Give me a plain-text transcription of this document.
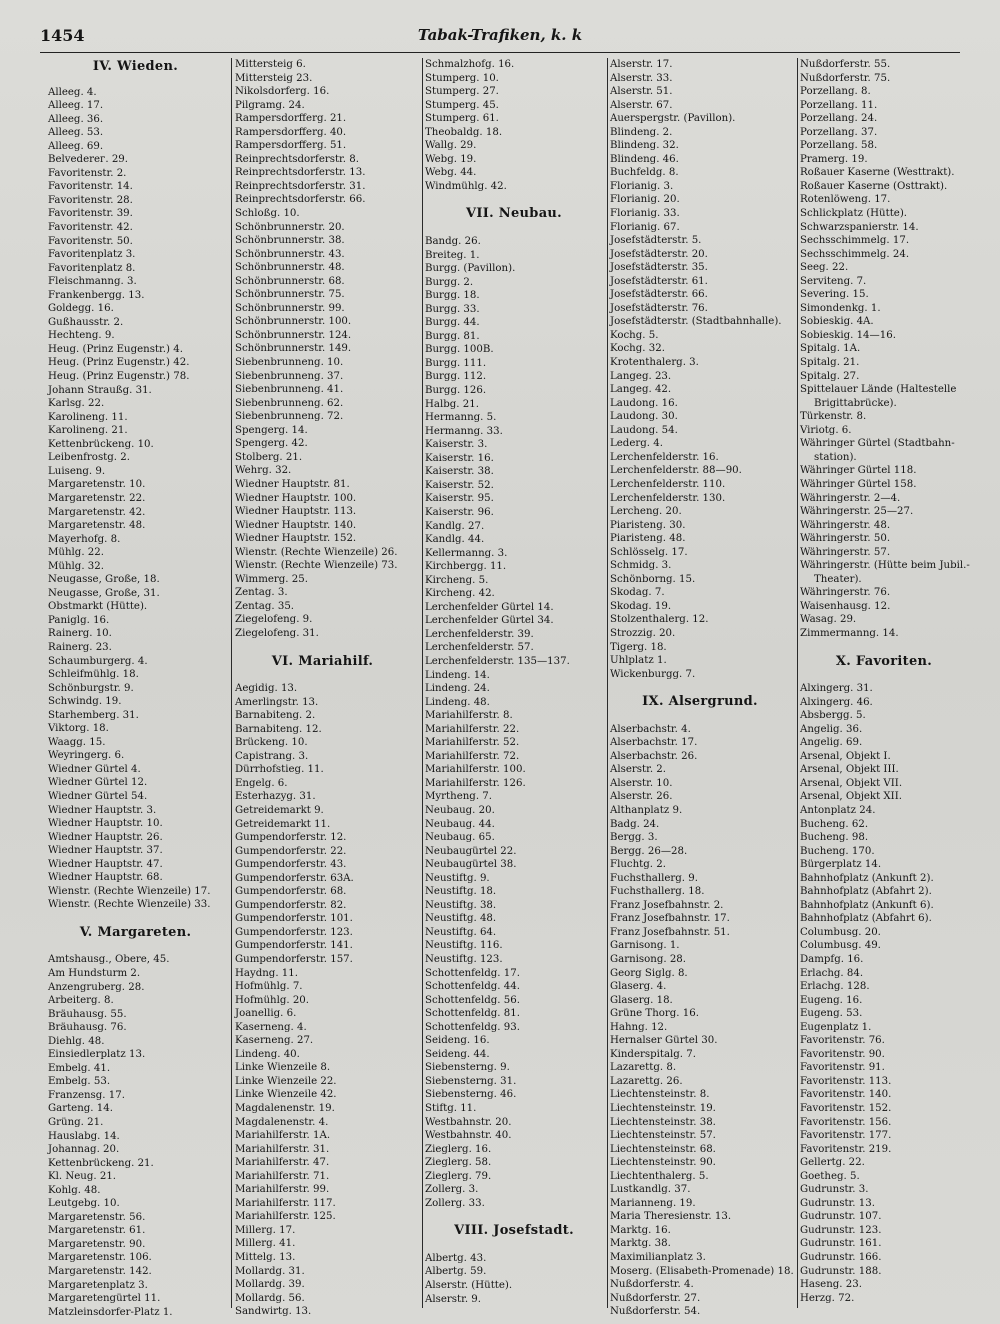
1454	Tabak-Trafiken, k. k
IV. Wieden.
Alleeg. 4.
Alleeg. 17.
Alleeg. 36.
Alleeg. 53.
Alleeg. 69.
Belvederег. 29.
Favoritenstr. 2.
Favoritenstr. 14.
Favoritenstr. 28.
Favoritenstr. 39.
Favoritenstr. 42.
Favoritenstr. 50.
Favoritenplatz 3.
Favoritenplatz 8.
Fleischmanng. 3.
Frankenbergg. 13.
Goldegg. 16.
Gußhausstr. 2.
Hechteng. 9.
Heug. (Prinz Eugenstr.) 4.
Heug. (Prinz Eugenstr.) 42.
Heug. (Prinz Eugenstr.) 78.
Johann Straußg. 31.
Karlsg. 22.
Karolineng. 11.
Karolineng. 21.
Kettenbrückeng. 10.
Leibenfrostg. 2.
Luiseng. 9.
Margaretenstr. 10.
Margaretenstr. 22.
Margaretenstr. 42.
Margaretenstr. 48.
Mayerhofg. 8.
Mühlg. 22.
Mühlg. 32.
Neugasse, Große, 18.
Neugasse, Große, 31.
Obstmarkt (Hütte).
Paniglg. 16.
Rainerg. 10.
Rainerg. 23.
Schaumburgerg. 4.
Schleifmühlg. 18.
Schönburgstr. 9.
Schwindg. 19.
Starhemberg. 31.
Viktorg. 18.
Waagg. 15.
Weyringerg. 6.
Wiedner Gürtel 4.
Wiedner Gürtel 12.
Wiedner Gürtel 54.
Wiedner Hauptstr. 3.
Wiedner Hauptstr. 10.
Wiedner Hauptstr. 26.
Wiedner Hauptstr. 37.
Wiedner Hauptstr. 47.
Wiedner Hauptstr. 68.
Wienstr. (Rechte Wienzeile) 17.
Wienstr. (Rechte Wienzeile) 33.
V. Margareten.
Amtshausg., Obere, 45.
Am Hundsturm 2.
Anzengruberg. 28.
Arbeiterg. 8.
Bräuhausg. 55.
Bräuhausg. 76.
Diehlg. 48.
Einsiedlerplatz 13.
Embelg. 41.
Embelg. 53.
Franzensg. 17.
Garteng. 14.
Grüng. 21.
Hauslabg. 14.
Johannag. 20.
Kettenbrückeng. 21.
Kl. Neug. 21.
Kohlg. 48.
Leutgebg. 10.
Margaretenstr. 56.
Margaretenstr. 61.
Margaretenstr. 90.
Margaretenstr. 106.
Margaretenstr. 142.
Margaretenplatz 3.
Margaretengürtel 11.
Matzleinsdorfer-Platz 1.
Mittersteig 6.
Mittersteig 23.
Nikolsdorferg. 16.
Pilgramg. 24.
Rampersdorfferg. 21.
Rampersdorfferg. 40.
Rampersdorfferg. 51.
Reinprechtsdorferstr. 8.
Reinprechtsdorferstr. 13.
Reinprechtsdorferstr. 31.
Reinprechtsdorferstr. 66.
Schloßg. 10.
Schönbrunnerstr. 20.
Schönbrunnerstr. 38.
Schönbrunnerstr. 43.
Schönbrunnerstr. 48.
Schönbrunnerstr. 68.
Schönbrunnerstr. 75.
Schönbrunnerstr. 99.
Schönbrunnerstr. 100.
Schönbrunnerstr. 124.
Schönbrunnerstr. 149.
Siebenbrunneng. 10.
Siebenbrunneng. 37.
Siebenbrunneng. 41.
Siebenbrunneng. 62.
Siebenbrunneng. 72.
Spengerg. 14.
Spengerg. 42.
Stolberg. 21.
Wehrg. 32.
Wiedner Hauptstr. 81.
Wiedner Hauptstr. 100.
Wiedner Hauptstr. 113.
Wiedner Hauptstr. 140.
Wiedner Hauptstr. 152.
Wienstr. (Rechte Wienzeile) 26.
Wienstr. (Rechte Wienzeile) 73.
Wimmerg. 25.
Zentag. 3.
Zentag. 35.
Ziegelofeng. 9.
Ziegelofeng. 31.
VI. Mariahilf.
Aegidig. 13.
Amerlingstr. 13.
Barnabiteng. 2.
Barnabiteng. 12.
Brückeng. 10.
Capistrang. 3.
Dürrhofstieg. 11.
Engelg. 6.
Esterhazyg. 31.
Getreidemarkt 9.
Getreidemarkt 11.
Gumpendorferstr. 12.
Gumpendorferstr. 22.
Gumpendorferstr. 43.
Gumpendorferstr. 63A.
Gumpendorferstr. 68.
Gumpendorferstr. 82.
Gumpendorferstr. 101.
Gumpendorferstr. 123.
Gumpendorferstr. 141.
Gumpendorferstr. 157.
Haydng. 11.
Hofmühlg. 7.
Hofmühlg. 20.
Joanellig. 6.
Kaserneng. 4.
Kaserneng. 27.
Lindeng. 40.
Linke Wienzeile 8.
Linke Wienzeile 22.
Linke Wienzeile 42.
Magdalenenstr. 19.
Magdalenenstr. 4.
Mariahilferstr. 1A.
Mariahilferstr. 31.
Mariahilferstr. 47.
Mariahilferstr. 71.
Mariahilferstr. 99.
Mariahilferstr. 117.
Mariahilferstr. 125.
Millerg. 17.
Millerg. 41.
Mittelg. 13.
Mollardg. 31.
Mollardg. 39.
Mollardg. 56.
Sandwirtg. 13.
Schmalzhofg. 16.
Stumperg. 10.
Stumperg. 27.
Stumperg. 45.
Stumperg. 61.
Theobaldg. 18.
Wallg. 29.
Webg. 19.
Webg. 44.
Windmühlg. 42.
VII. Neubau.
Bandg. 26.
Breiteg. 1.
Burgg. (Pavillon).
Burgg. 2.
Burgg. 18.
Burgg. 33.
Burgg. 44.
Burgg. 81.
Burgg. 100B.
Burgg. 111.
Burgg. 112.
Burgg. 126.
Halbg. 21.
Hermanng. 5.
Hermanng. 33.
Kaiserstr. 3.
Kaiserstr. 16.
Kaiserstr. 38.
Kaiserstr. 52.
Kaiserstr. 95.
Kaiserstr. 96.
Kandlg. 27.
Kandlg. 44.
Kellermanng. 3.
Kirchbergg. 11.
Kircheng. 5.
Kircheng. 42.
Lerchenfelder Gürtel 14.
Lerchenfelder Gürtel 34.
Lerchenfelderstr. 39.
Lerchenfelderstr. 57.
Lerchenfelderstr. 135—137.
Lindeng. 14.
Lindeng. 24.
Lindeng. 48.
Mariahilferstr. 8.
Mariahilferstr. 22.
Mariahilferstr. 52.
Mariahilferstr. 72.
Mariahilferstr. 100.
Mariahilferstr. 126.
Myrtheng. 7.
Neubaug. 20.
Neubaug. 44.
Neubaug. 65.
Neubaugürtel 22.
Neubaugürtel 38.
Neustiftg. 9.
Neustiftg. 18.
Neustiftg. 38.
Neustiftg. 48.
Neustiftg. 64.
Neustiftg. 116.
Neustiftg. 123.
Schottenfeldg. 17.
Schottenfeldg. 44.
Schottenfeldg. 56.
Schottenfeldg. 81.
Schottenfeldg. 93.
Seideng. 16.
Seideng. 44.
Siebensterng. 9.
Siebensterng. 31.
Siebensterng. 46.
Stiftg. 11.
Westbahnstr. 20.
Westbahnstr. 40.
Zieglerg. 16.
Zieglerg. 58.
Zieglerg. 79.
Zollerg. 3.
Zollerg. 33.
VIII. Josefstadt.
Albertg. 43.
Albertg. 59.
Alserstr. (Hütte).
Alserstr. 9.
Alserstr. 17.
Alserstr. 33.
Alserstr. 51.
Alserstr. 67.
Auerspergstr. (Pavillon).
Blindeng. 2.
Blindeng. 32.
Blindeng. 46.
Buchfeldg. 8.
Florianig. 3.
Florianig. 20.
Florianig. 33.
Florianig. 67.
Josefstädterstr. 5.
Josefstädterstr. 20.
Josefstädterstr. 35.
Josefstädterstr. 61.
Josefstädterstr. 66.
Josefstädterstr. 76.
Josefstädterstr. (Stadtbahnhalle).
Kochg. 5.
Kochg. 32.
Krotenthalerg. 3.
Langeg. 23.
Langeg. 42.
Laudong. 16.
Laudong. 30.
Laudong. 54.
Lederg. 4.
Lerchenfelderstr. 16.
Lerchenfelderstr. 88—90.
Lerchenfelderstr. 110.
Lerchenfelderstr. 130.
Lercheng. 20.
Piaristeng. 30.
Piaristeng. 48.
Schlösselg. 17.
Schmidg. 3.
Schönborng. 15.
Skodag. 7.
Skodag. 19.
Stolzenthalerg. 12.
Strozzig. 20.
Tigerg. 18.
Uhlplatz 1.
Wickenburgg. 7.
IX. Alsergrund.
Alserbachstr. 4.
Alserbachstr. 17.
Alserbachstr. 26.
Alserstr. 2.
Alserstr. 10.
Alserstr. 26.
Althanplatz 9.
Badg. 24.
Bergg. 3.
Bergg. 26—28.
Fluchtg. 2.
Fuchsthallerg. 9.
Fuchsthallerg. 18.
Franz Josefbahnstr. 2.
Franz Josefbahnstr. 17.
Franz Josefbahnstr. 51.
Garnisong. 1.
Garnisong. 28.
Georg Siglg. 8.
Glaserg. 4.
Glaserg. 18.
Grüne Thorg. 16.
Hahng. 12.
Hernalser Gürtel 30.
Kinderspitalg. 7.
Lazarettg. 8.
Lazarettg. 26.
Liechtensteinstr. 8.
Liechtensteinstr. 19.
Liechtensteinstr. 38.
Liechtensteinstr. 57.
Liechtensteinstr. 68.
Liechtensteinstr. 90.
Liechtenthalerg. 5.
Lustkandlg. 37.
Marianneng. 19.
Maria Theresienstr. 13.
Marktg. 16.
Marktg. 38.
Maximilianplatz 3.
Moserg. (Elisabeth-Promenade) 18.
Nußdorferstr. 4.
Nußdorferstr. 27.
Nußdorferstr. 54.
Nußdorferstr. 55.
Nußdorferstr. 75.
Porzellang. 8.
Porzellang. 11.
Porzellang. 24.
Porzellang. 37.
Porzellang. 58.
Pramerg. 19.
Roßauer Kaserne (Westtrakt).
Roßauer Kaserne (Osttrakt).
Rotenlöweng. 17.
Schlickplatz (Hütte).
Schwarzspanierstr. 14.
Sechsschimmelg. 17.
Sechsschimmelg. 24.
Seeg. 22.
Servitеng. 7.
Severing. 15.
Simondenkg. 1.
Sobieskig. 4A.
Sobieskig. 14—16.
Spitalg. 1A.
Spitalg. 21.
Spitalg. 27.
Spittelauer Lände (Haltestelle
Brigittabrücke).
Türkenstr. 8.
Viriotg. 6.
Währinger Gürtel (Stadtbahn-
station).
Währinger Gürtel 118.
Währinger Gürtel 158.
Währingerstr. 2—4.
Währingerstr. 25—27.
Währingerstr. 48.
Währingerstr. 50.
Währingerstr. 57.
Währingerstr. (Hütte beim Jubil.-
Theater).
Währingerstr. 76.
Waisenhausg. 12.
Wasag. 29.
Zimmermanng. 14.
X. Favoriten.
Alxingerg. 31.
Alxingerg. 46.
Absbergg. 5.
Angelig. 36.
Angelig. 69.
Arsenal, Objekt I.
Arsenal, Objekt III.
Arsenal, Objekt VII.
Arsenal, Objekt XII.
Antonplatz 24.
Bucheng. 62.
Bucheng. 98.
Bucheng. 170.
Bürgerplatz 14.
Bahnhofplatz (Ankunft 2).
Bahnhofplatz (Abfahrt 2).
Bahnhofplatz (Ankunft 6).
Bahnhofplatz (Abfahrt 6).
Columbusg. 20.
Columbusg. 49.
Dampfg. 16.
Erlachg. 84.
Erlachg. 128.
Eugeng. 16.
Eugeng. 53.
Eugenplatz 1.
Favoritenstr. 76.
Favoritenstr. 90.
Favoritenstr. 91.
Favoritenstr. 113.
Favoritenstr. 140.
Favoritenstr. 152.
Favoritenstr. 156.
Favoritenstr. 177.
Favoritenstr. 219.
Gellertg. 22.
Goetheg. 5.
Gudrunstr. 3.
Gudrunstr. 13.
Gudrunstr. 107.
Gudrunstr. 123.
Gudrunstr. 161.
Gudrunstr. 166.
Gudrunstr. 188.
Haseng. 23.
Herzg. 72.
